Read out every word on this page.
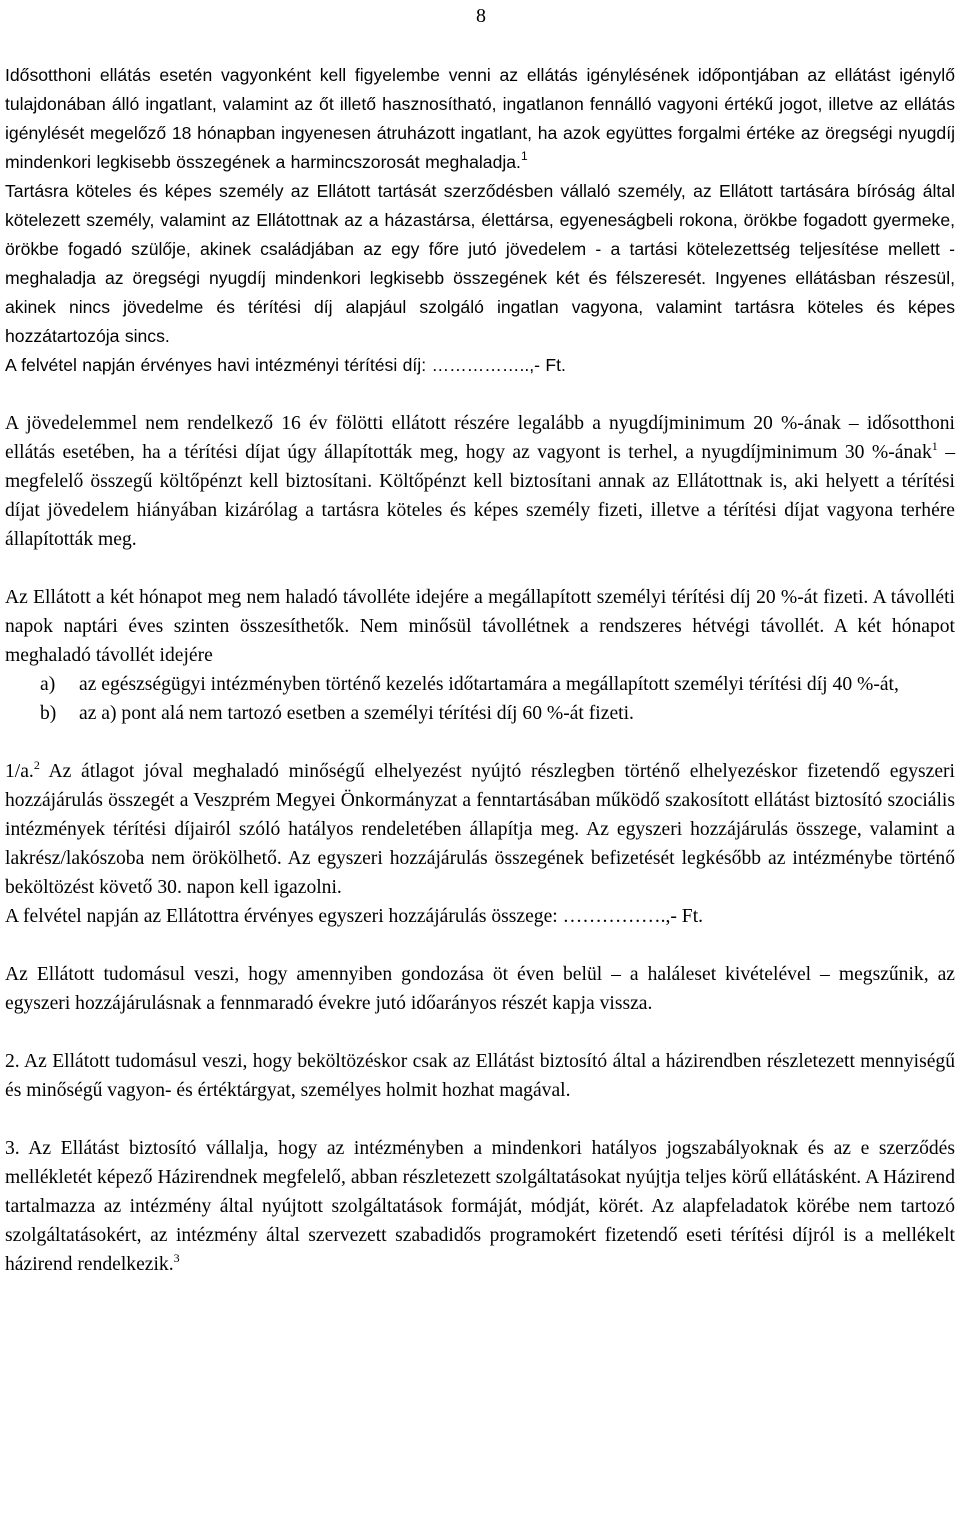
8

Idősotthoni ellátás esetén vagyonként kell figyelembe venni az ellátás igénylésének időpontjában az ellátást igénylő tulajdonában álló ingatlant, valamint az őt illető hasznosítható, ingatlanon fennálló vagyoni értékű jogot, illetve az ellátás igénylését megelőző 18 hónapban ingyenesen átruházott ingatlant, ha azok együttes forgalmi értéke az öregségi nyugdíj mindenkori legkisebb összegének a harmincszorosát meghaladja.$^1$

Tartásra köteles és képes személy az Ellátott tartását szerződésben vállaló személy, az Ellátott tartására bíróság által kötelezett személy, valamint az Ellátottnak az a házastársa, élettársa, egyeneságbeli rokona, örökbe fogadott gyermeke, örökbe fogadó szülője, akinek családjában az egy főre jutó jövedelem - a tartási kötelezettség teljesítése mellett - meghaladja az öregségi nyugdíj mindenkori legkisebb összegének két és félszeresét. Ingyenes ellátásban részesül, akinek nincs jövedelme és térítési díj alapjául szolgáló ingatlan vagyona, valamint tartásra köteles és képes hozzátartozója sincs.

A felvétel napján érvényes havi intézményi térítési díj: ……………..,- Ft.

A jövedelemmel nem rendelkező 16 év fölötti ellátott részére legalább a nyugdíjminimum 20 %-ának – idősotthoni ellátás esetében, ha a térítési díjat úgy állapították meg, hogy az vagyont is terhel, a nyugdíjminimum 30 %-ának$^1$ – megfelelő összegű költőpénzt kell biztosítani. Költőpénzt kell biztosítani annak az Ellátottnak is, aki helyett a térítési díjat jövedelem hiányában kizárólag a tartásra köteles és képes személy fizeti, illetve a térítési díjat vagyona terhére állapították meg.

Az Ellátott a két hónapot meg nem haladó távolléte idejére a megállapított személyi térítési díj 20 %-át fizeti. A távolléti napok naptári éves szinten összesíthetők. Nem minősül távollétnek a rendszeres hétvégi távollét. A két hónapot meghaladó távollét idejére

a)	az egészségügyi intézményben történő kezelés időtartamára a megállapított személyi térítési díj 40 %-át,
b)	az a) pont alá nem tartozó esetben a személyi térítési díj 60 %-át fizeti.

1/a.$^2$ Az átlagot jóval meghaladó minőségű elhelyezést nyújtó részlegben történő elhelyezéskor fizetendő egyszeri hozzájárulás összegét a Veszprém Megyei Önkormányzat a fenntartásában működő szakosított ellátást biztosító szociális intézmények térítési díjairól szóló hatályos rendeletében állapítja meg. Az egyszeri hozzájárulás összege, valamint a lakrész/lakószoba nem örökölhető. Az egyszeri hozzájárulás összegének befizetését legkésőbb az intézménybe történő beköltözést követő 30. napon kell igazolni.

A felvétel napján az Ellátottra érvényes egyszeri hozzájárulás összege: …………….,- Ft.

Az Ellátott tudomásul veszi, hogy amennyiben gondozása öt éven belül – a haláleset kivételével – megszűnik, az egyszeri hozzájárulásnak a fennmaradó évekre jutó időarányos részét kapja vissza.

2. Az Ellátott tudomásul veszi, hogy beköltözéskor csak az Ellátást biztosító által a házirendben részletezett mennyiségű és minőségű vagyon- és értéktárgyat, személyes holmit hozhat magával.

3. Az Ellátást biztosító vállalja, hogy az intézményben a mindenkori hatályos jogszabályoknak és az e szerződés mellékletét képező Házirendnek megfelelő, abban részletezett szolgáltatásokat nyújtja teljes körű ellátásként. A Házirend tartalmazza az intézmény által nyújtott szolgáltatások formáját, módját, körét. Az alapfeladatok körébe nem tartozó szolgáltatásokért, az intézmény által szervezett szabadidős programokért fizetendő eseti térítési díjról is a mellékelt házirend rendelkezik.$^3$
